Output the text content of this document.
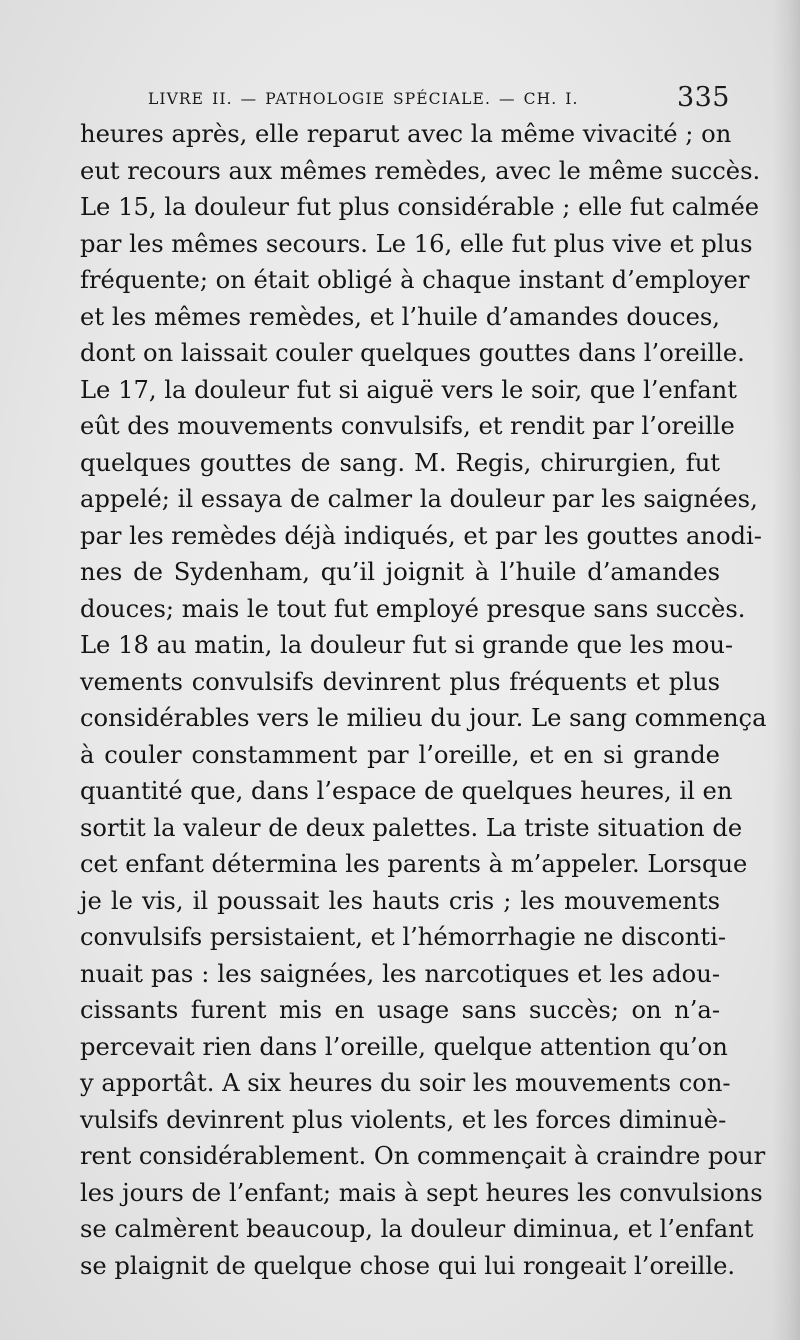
LIVRE II. — PATHOLOGIE SPÉCIALE. — CH. I.	335
heures après, elle reparut avec la même vivacité ; on
eut recours aux mêmes remèdes, avec le même succès.
Le 15, la douleur fut plus considérable ; elle fut calmée
par les mêmes secours. Le 16, elle fut plus vive et plus
fréquente; on était obligé à chaque instant d’employer
et les mêmes remèdes, et l’huile d’amandes douces,
dont on laissait couler quelques gouttes dans l’oreille.
Le 17, la douleur fut si aiguë vers le soir, que l’enfant
eût des mouvements convulsifs, et rendit par l’oreille
quelques gouttes de sang. M. Regis, chirurgien, fut
appelé; il essaya de calmer la douleur par les saignées,
par les remèdes déjà indiqués, et par les gouttes anodi-
nes de Sydenham, qu’il joignit à l’huile d’amandes
douces; mais le tout fut employé presque sans succès.
Le 18 au matin, la douleur fut si grande que les mou-
vements convulsifs devinrent plus fréquents et plus
considérables vers le milieu du jour. Le sang commença
à couler constamment par l’oreille, et en si grande
quantité que, dans l’espace de quelques heures, il en
sortit la valeur de deux palettes. La triste situation de
cet enfant détermina les parents à m’appeler. Lorsque
je le vis, il poussait les hauts cris ; les mouvements
convulsifs persistaient, et l’hémorrhagie ne disconti-
nuait pas : les saignées, les narcotiques et les adou-
cissants furent mis en usage sans succès; on n’a-
percevait rien dans l’oreille, quelque attention qu’on
y apportât. A six heures du soir les mouvements con-
vulsifs devinrent plus violents, et les forces diminuè-
rent considérablement. On commençait à craindre pour
les jours de l’enfant; mais à sept heures les convulsions
se calmèrent beaucoup, la douleur diminua, et l’enfant
se plaignit de quelque chose qui lui rongeait l’oreille.
